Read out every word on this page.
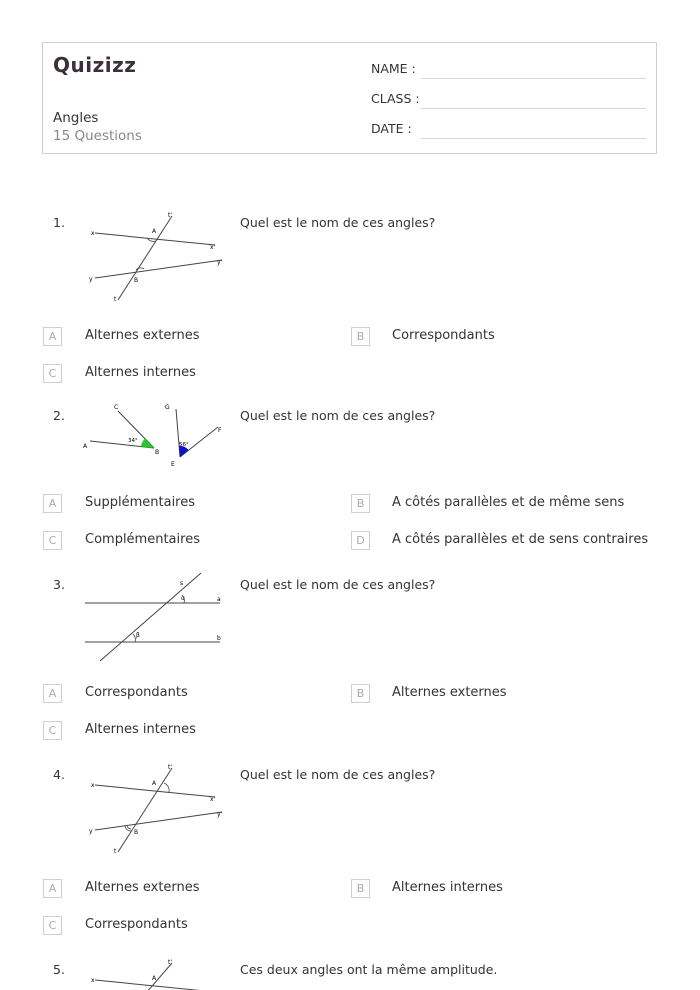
Quizizz
Angles
15 Questions
NAME :
CLASS :
DATE :
1.	Quel est le nom de ces angles?
x
x'
y
y'
t'
t
A
B
A	Alternes externes	B	Correspondants
C	Alternes internes
2.	Quel est le nom de ces angles?
A
C
B
34°
G
F
E
56°
A	Supplémentaires	B	A côtés parallèles et de même sens
C	Complémentaires	D	A côtés parallèles et de sens contraires
3.	Quel est le nom de ces angles?
s
a
b
α
β
A	Correspondants	B	Alternes externes
C	Alternes internes
4.	Quel est le nom de ces angles?
x
x'
y
y'
t'
t
A
B
A	Alternes externes	B	Alternes internes
C	Correspondants
5.	Ces deux angles ont la même amplitude.
x
t'
A
